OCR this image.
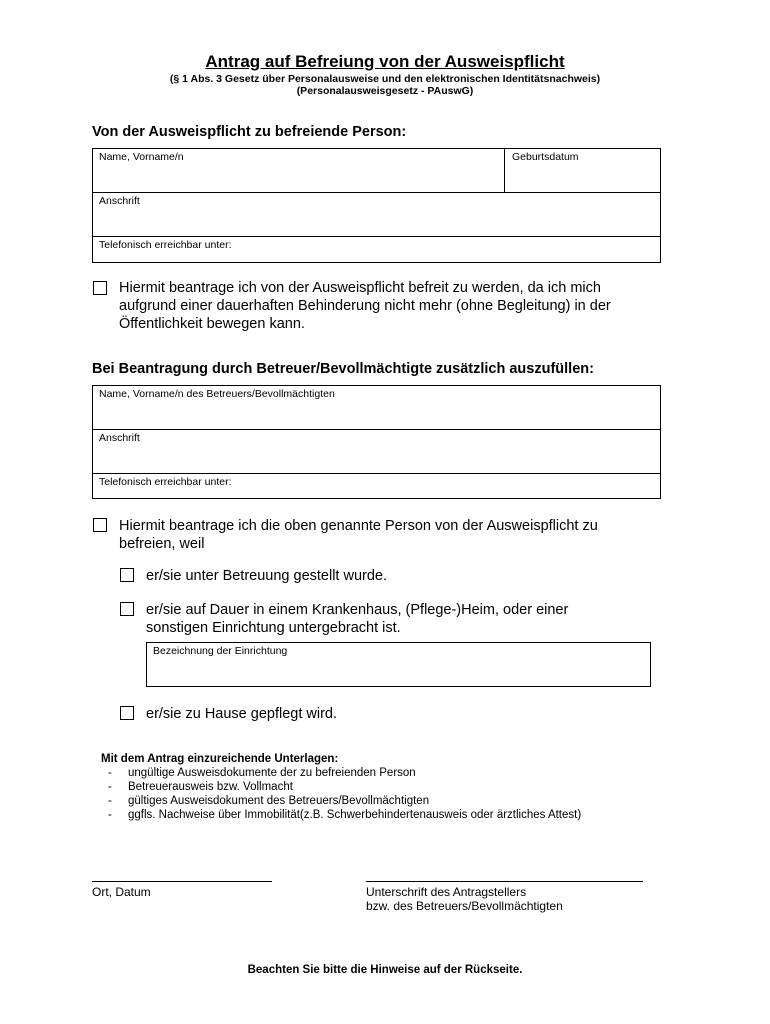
Antrag auf Befreiung von der Ausweispflicht
(§ 1 Abs. 3 Gesetz über Personalausweise und den elektronischen Identitätsnachweis)
(Personalausweisgesetz - PAuswG)
Von der Ausweispflicht zu befreiende Person:
Name, Vorname/n	Geburtsdatum
Anschrift
Telefonisch erreichbar unter:
Hiermit beantrage ich von der Ausweispflicht befreit zu werden, da ich mich
aufgrund einer dauerhaften Behinderung nicht mehr (ohne Begleitung) in der
Öffentlichkeit bewegen kann.
Bei Beantragung durch Betreuer/Bevollmächtigte zusätzlich auszufüllen:
Name, Vorname/n des Betreuers/Bevollmächtigten
Anschrift
Telefonisch erreichbar unter:
Hiermit beantrage ich die oben genannte Person von der Ausweispflicht zu
befreien, weil
er/sie unter Betreuung gestellt wurde.
er/sie auf Dauer in einem Krankenhaus, (Pflege-)Heim, oder einer
sonstigen Einrichtung untergebracht ist.
Bezeichnung der Einrichtung
er/sie zu Hause gepflegt wird.
Mit dem Antrag einzureichende Unterlagen:
- ungültige Ausweisdokumente der zu befreienden Person
- Betreuerausweis bzw. Vollmacht
- gültiges Ausweisdokument des Betreuers/Bevollmächtigten
- ggfls. Nachweise über Immobilität(z.B. Schwerbehindertenausweis oder ärztliches Attest)
Ort, Datum	Unterschrift des Antragstellers
bzw. des Betreuers/Bevollmächtigten
Beachten Sie bitte die Hinweise auf der Rückseite.
